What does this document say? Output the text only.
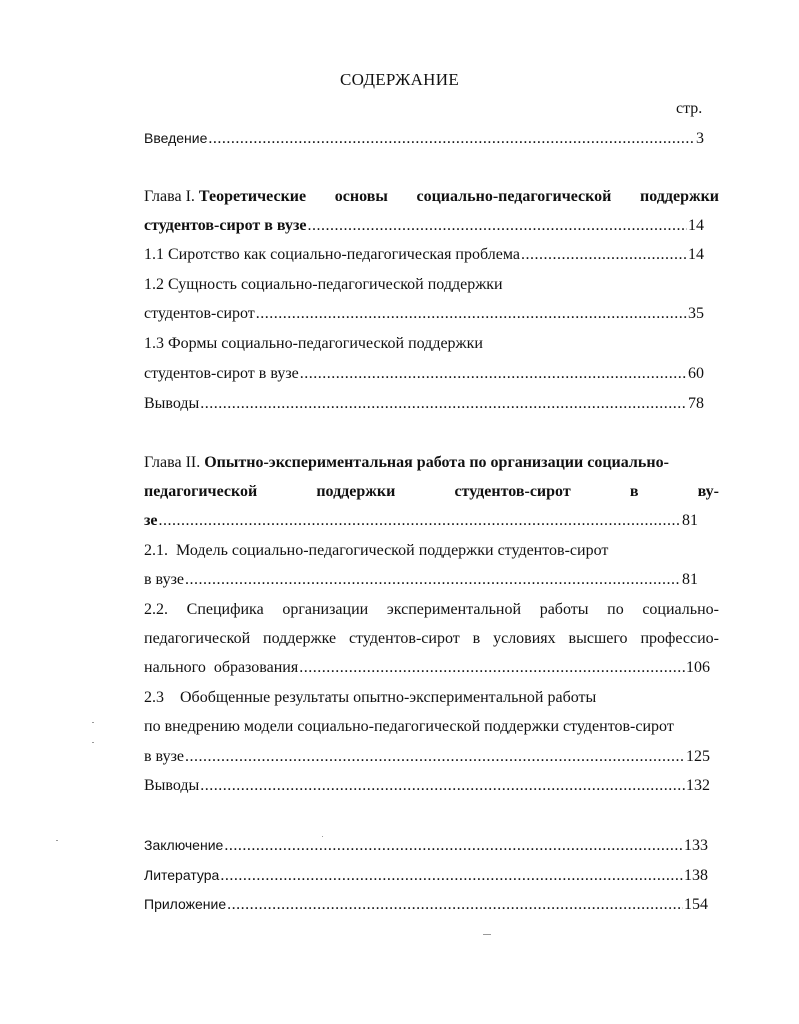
СОДЕРЖАНИЕ
стр.
Введение .....	3
Глава I. Теоретические основы социально-педагогической поддержки
студентов-сирот в вузе .....	14
1.1 Сиротство как социально-педагогическая проблема .....	14
1.2 Сущность социально-педагогической поддержки
студентов-сирот .....	35
1.3 Формы социально-педагогической поддержки
студентов-сирот в вузе .....	60
Выводы .....	78
Глава II. Опытно-экспериментальная работа по организации социально-
педагогической	поддержки	студентов-сирот	в	ву-
зе .....	81
2.1. Модель социально-педагогической поддержки студентов-сирот
в вузе .....	81
2.2. Специфика организации экспериментальной работы по социально-
педагогической поддержке студентов-сирот в условиях высшего профессио-
нального  образования .....	106
2.3 Обобщенные результаты опытно-экспериментальной работы
по внедрению модели социально-педагогической поддержки студентов-сирот
в вузе .....	125
Выводы .....	132
Заключение .....	133
Литература .....	138
Приложение .....	154
